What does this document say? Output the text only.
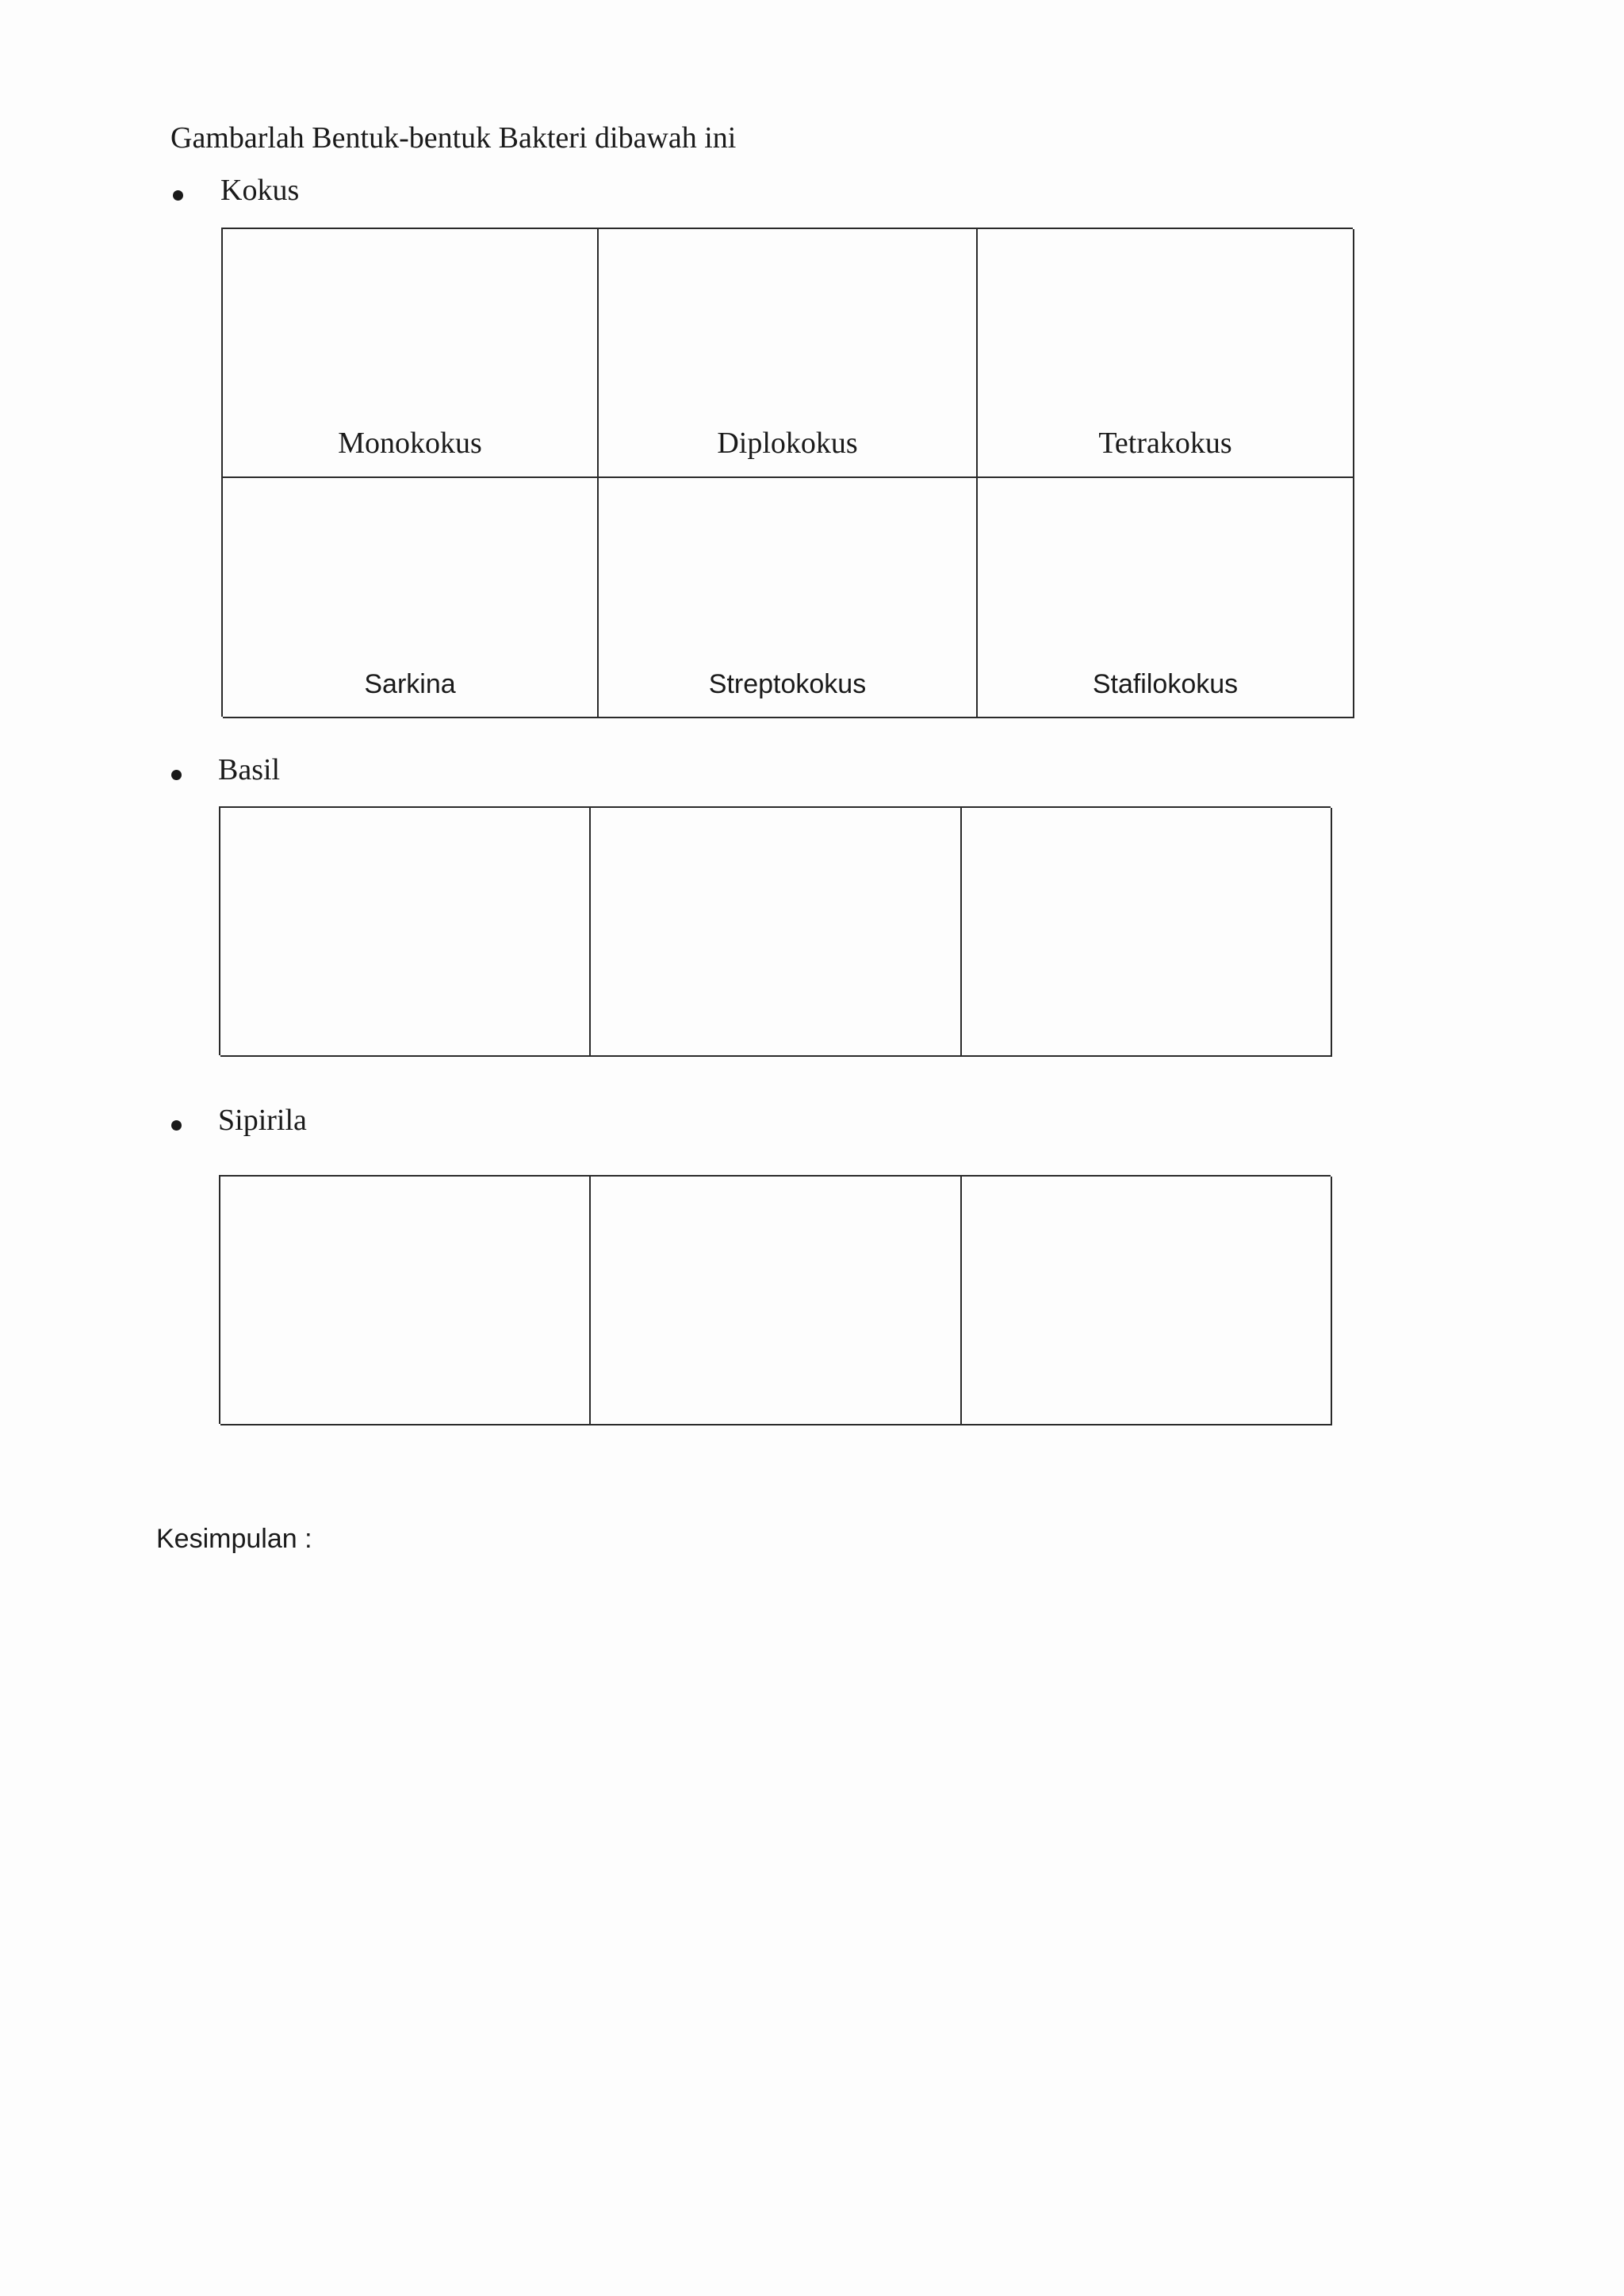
Gambarlah Bentuk-bentuk Bakteri dibawah ini
Kokus
Monokokus	Diplokokus	Tetrakokus
Sarkina	Streptokokus	Stafilokokus
Basil
Sipirila
Kesimpulan :
